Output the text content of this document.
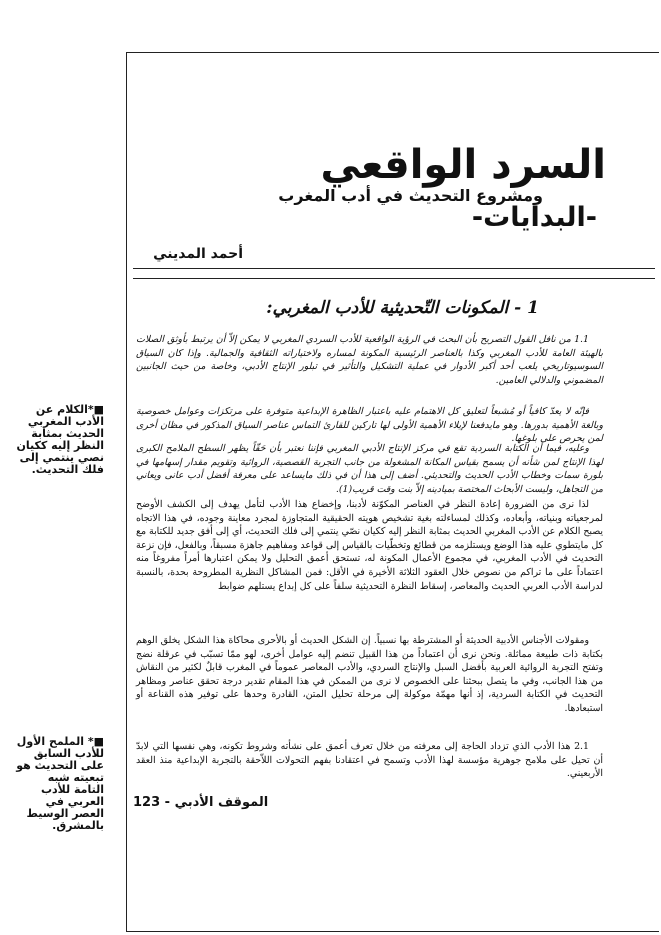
السرد الواقعي
ومشروع التحديث في أدب المغرب
-البدايات-
أحمد المديني
1 - المكونات التّحديثية للأدب المغربي:

1.1 من نافل القول التصريح بأن البحث في الرؤية الواقعية للأدب السردي المغربي لا يمكن إلاّ أن يرتبط بأوثق الصلات بالهيئة العامة للأدب المغربي وكذا بالعناصر الرئيسية المكونة لمساره ولاختياراته الثقافية والجمالية. وإذا كان السياق السوسيوتاريخي يلعب أحد أكبر الأدوار في عملية التشكيل والتأثير في تبلور الإنتاج الأدبي، وخاصة من حيث الجانبين المضموني والدلالي العامين.

فإنّه لا يعدّ كافياً أو مُشبعاً لتعليق كل الاهتمام عليه باعتبار الظاهرة الإبداعية متوفرة على مرتكزات وعوامل خصوصية وبالغة الأهمية بدورها. وهو مايدفعنا لإيلاء الأهمية الأولى لها تاركين للقارئ التماس عناصر السياق المذكور في مظان أخرى لمن يحرص على بلوغها.

وعليه، فيما أن الكتابة السردية تقع في مركز الإنتاج الأدبي المغربي فإننا نعتبر بأن حَقّاً يظهر السطح الملامح الكبرى لهذا الإنتاج لمن شأنه أن يسمح بقياس المكانة المشغولة من جانب التجربة القصصية، الروائية وتقويم مقدار إسهامها في بلورة سمات وخطاب الأدب الحديث والتحديثي. أضف إلى هذا أن في ذلك مايساعد على معرفة أفضل أدب عانى ويعاني من التجاهل، وليست الأبحاث المختصة بميادينه إلاّ بنت وقت قريب(1).

لذا نرى من الضرورة إعادة النظر في العناصر المكوّنة لأدبنا، وإخضاع هذا الأدب لتأمل يهدف إلى الكشف الأوضح لمرجعياته وبنياته، وأبعاده، وكذلك لمساءلته بغية تشخيص هويته الحقيقية المتجاوزة لمجرد معاينة وجوده، في هذا الاتجاه يصبح الكلام عن الأدب المغربي الحديث بمثابة النظر إليه ككيان نصّي ينتمي إلى فلك التحديث، أي إلى أفق جديد للكتابة مع كل مايتطوي عليه هذا الوضع ويستلزمه من قطائع وتخطّيات بالقياس إلى قواعد ومفاهيم جاهزة مسبقاً، وبالفعل، فإن نزعة التحديث في الأدب المغربي، في مجموع الأعمال المكونة له، تستحق أعمق التحليل ولا يمكن اعتبارها أمراً مفروغاً منه اعتماداً على ما تراكم من نصوص خلال العقود الثلاثة الأخيرة في الأقل: فمن المشاكل النظرية المطروحة بحدة، بالنسبة لدراسة الأدب العربي الحديث والمعاصر، إسقاط النظرة التحديثية سلفاً على كل إبداع يستلهم ضوابط

ومقولات الأجناس الأدبية الحديثة أو المشترطة بها نسبياً. إن الشكل الحديث أو بالأحرى محاكاة هذا الشكل يخلق الوهم بكتابة ذات طبيعة مماثلة. ونحن نرى أن اعتماداً من هذا القبيل تنضم إليه عوامل أخرى، لهو ممّا تسبّب في عرقلة نضج وتفتح التجربة الروائية العربية بأفضل السبل والإنتاج السردي، والأدب المعاصر عموماً في المغرب قابلٌ لكثير من النقاش من هذا الجانب، وفي ما يتصل ببحثنا على الخصوص لا نرى من الممكن في هذا المقام تقدير درجة تحقق عناصر ومظاهر التحديث في الكتابة السردية، إذ أنها مهمّة موكولة إلى مرحلة تحليل المتن، القادرة وحدها على توفير هذه القناعة أو استبعادها.

2.1 هذا الأدب الذي تزداد الحاجة إلى معرفته من خلال تعرف أعمق على نشأته وشروط تكونه، وهي نفسها التي لابدّ أن تحيل على ملامح جوهرية مؤسسة لهذا الأدب وتسمح في اعتقادنا بفهم التحولات اللاّحقة بالتجربة الإبداعية منذ العقد الأربعيني.

■*الكلام عن الأدب المغربي الحديث بمثابة النظر إليه ككيان نصي ينتمي إلى فلك التحديث.

■* الملمح الأول للأدب السابق على التحديث هو تبعيته شبه التامة للأدب العربي في العصر الوسيط بالمشرق.

الموقف الأدبي - 123
